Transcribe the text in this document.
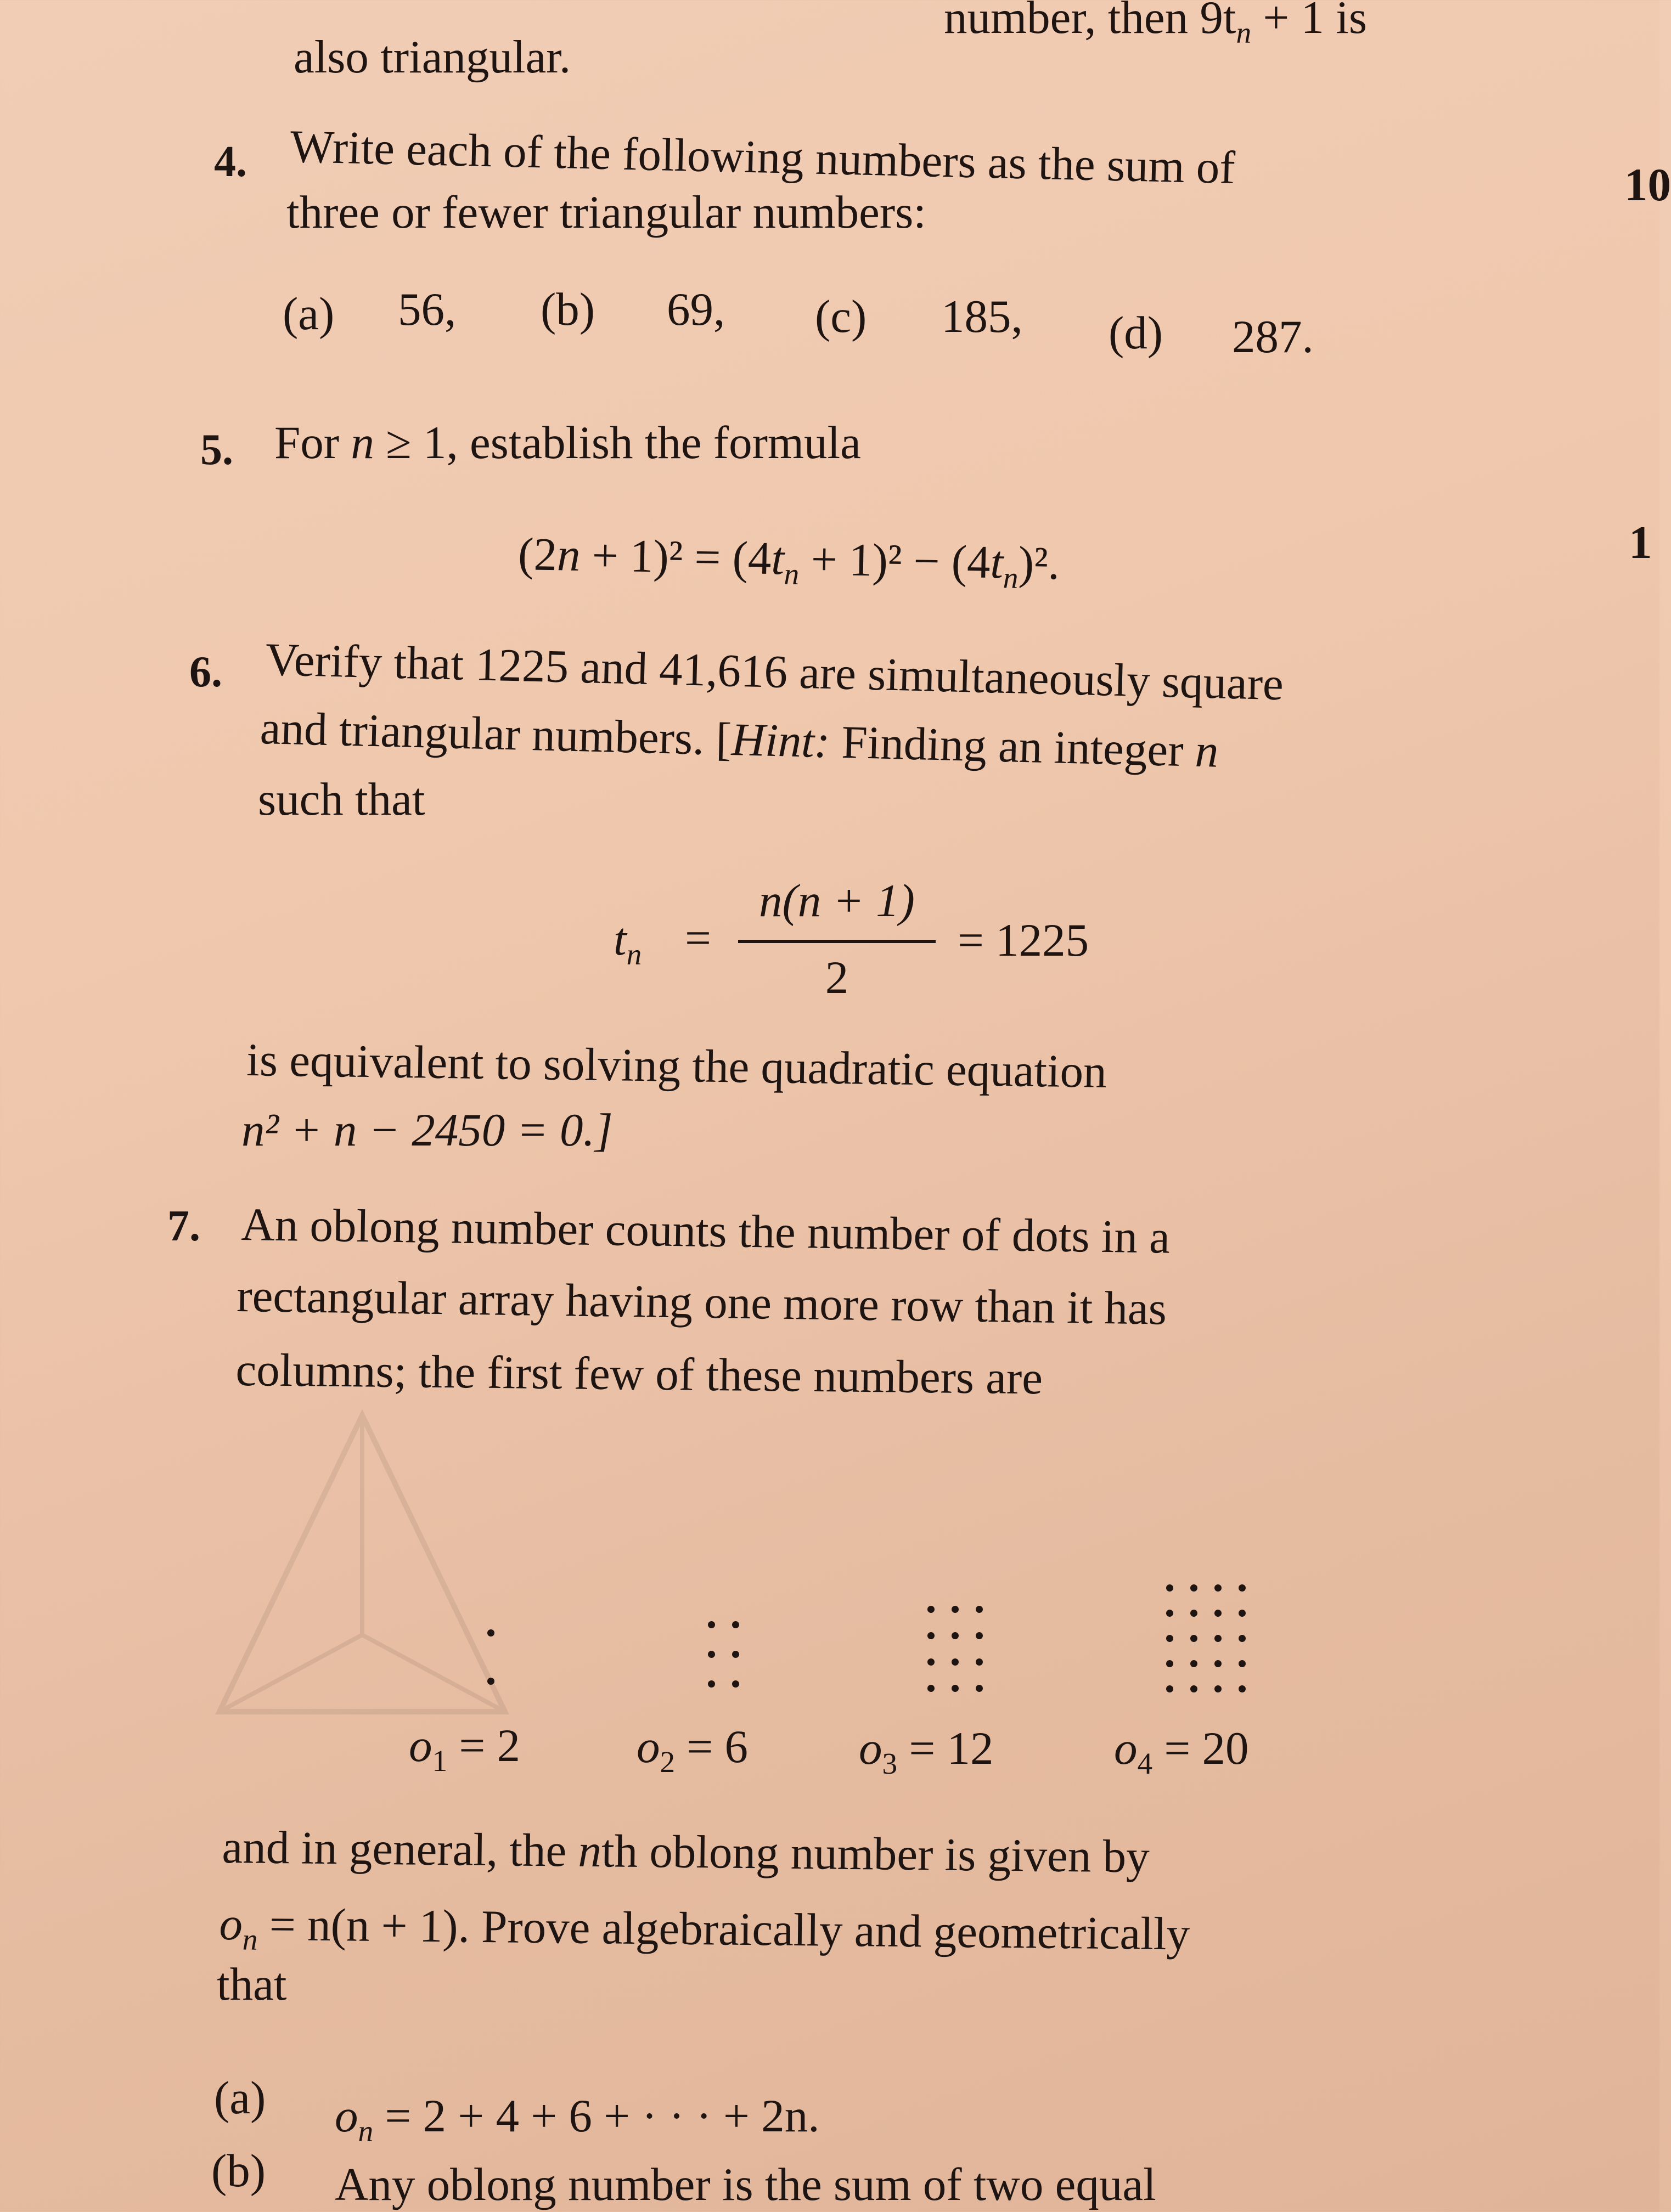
10
1
number, then $9t_n + 1$ is
also triangular.
4. Write each of the following numbers as the sum of
three or fewer triangular numbers:
(a) 56, (b) 69, (c) 185, (d) 287.
5. For n ≥ 1, establish the formula
$(2n + 1)^2 = (4t_n + 1)^2 - (4t_n)^2$.
6. Verify that 1225 and 41,616 are simultaneously square
and triangular numbers. [Hint: Finding an integer n
such that
$t_n$ =
n(n + 1)
2
= 1225
is equivalent to solving the quadratic equation
n² + n − 2450 = 0.]
7. An oblong number counts the number of dots in a
rectangular array having one more row than it has
columns; the first few of these numbers are
$o_1 = 2$ $o_2 = 6$ $o_3 = 12$	$o_4 = 20$
and in general, the nth oblong number is given by
$o_n = n(n + 1)$. Prove algebraically and geometrically
that
(a) $o_n = 2 + 4 + 6$ + · · · + 2n.
(b) Any oblong number is the sum of two equal
